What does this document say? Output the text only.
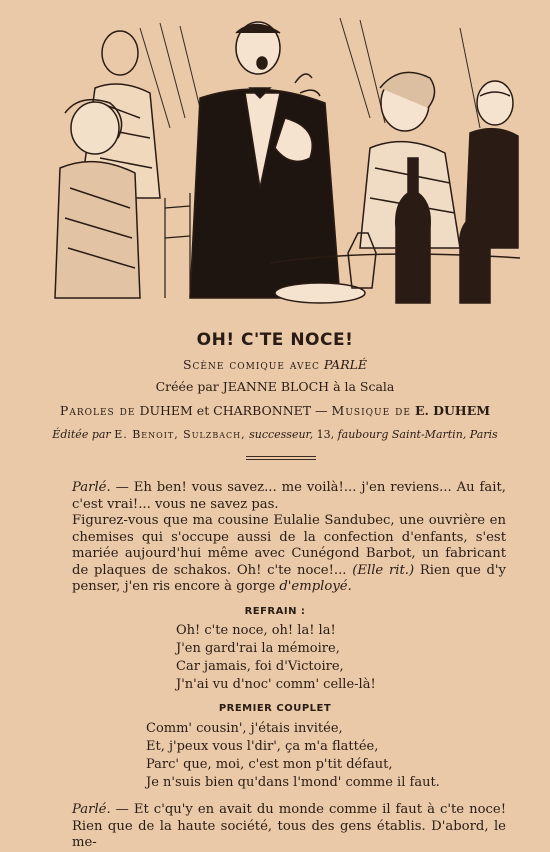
OH! C'TE NOCE!
Scène comique avec PARLÉ
Créée par JEANNE BLOCH à la Scala
Paroles de DUHEM et CHARBONNET — Musique de E. DUHEM
Éditée par E. Benoit, Sulzbach, successeur, 13, faubourg Saint-Martin, Paris
Parlé. — Eh ben! vous savez... me voilà!... j'en reviens... Au fait, c'est vrai!... vous ne savez pas.
Figurez-vous que ma cousine Eulalie Sandubec, une ouvrière en chemises qui s'occupe aussi de la confection d'enfants, s'est mariée aujourd'hui même avec Cunégond Barbot, un fabricant de plaques de schakos. Oh! c'te noce!... (Elle rit.) Rien que d'y penser, j'en ris encore à gorge d'employé.
REFRAIN :
Oh! c'te noce, oh! la! la!
J'en gard'rai la mémoire,
Car jamais, foi d'Victoire,
J'n'ai vu d'noc' comm' celle-là!
PREMIER COUPLET
Comm' cousin', j'étais invitée,
Et, j'peux vous l'dir', ça m'a flattée,
Parc' que, moi, c'est mon p'tit défaut,
Je n'suis bien qu'dans l'mond' comme il faut.
Parlé. — Et c'qu'y en avait du monde comme il faut à c'te noce! Rien que de la haute société, tous des gens établis. D'abord, le me-
